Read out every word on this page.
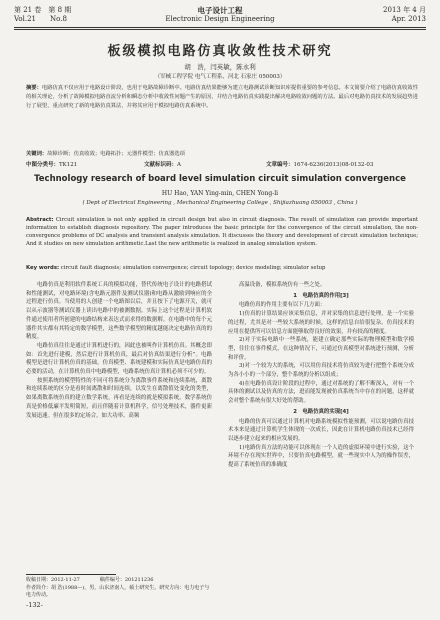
第 21 卷　第 8 期
Vol.21　　No.8
电子设计工程
Electronic Design Engineering
2013 年 4 月
Apr. 2013
板级模拟电路仿真收敛性技术研究
胡　浩，闫英敏，陈永利
（军械工程学院 电气工程系，河北 石家庄 050003）
摘要：电路仿真不仅应用于电路设计阶段，也用于电路故障诊断中。电路仿真结果能够为建立电路测试诊断知识库提供重要的参考信息。本文简要介绍了电路仿真收敛性的相关理论，分析了故障模拟电路直流分析和瞬态分析中收敛性问题产生的原因，并结合电路仿真实践提出解决电路收敛问题的方法。最后对电路仿真技术的发展趋势进行了展望，重点研究了新的电路仿真算法，并将其应用于模拟电路仿真系统中。
关键词：故障诊断；仿真收敛；电路拓扑；元器件模型；仿真器选项
中图分类号：TK121	文献标识码：A	文章编号：1674-6236(2013)08-0132-03
Technology research of board level simulation circuit simulation convergence
HU Hao, YAN Ying-min, CHEN Yong-li
( Dept of Electrical Engineering , Mechanical Engineering College , Shijiazhuang 050003 , China )
Abstract: Circuit simulation is not only applied in circuit design but also in circuit diagnosis. The result of simulation can provide important information to establish diagnosis repository. The paper introduces the basic principle for the convergence of the circuit simulation, the non-convergence problems of DC analysis and transient analysis simulation. It discusses the theory and development of circuit simulation technique; And it studies on new simulation arithmetic.Last the new arithmetic is realized in analog simulation system.
Key words: circuit fault diagnosis; simulation convergence; circuit topology; device modeling; simulator setup

电路仿真是利用软件系统工具的模拟功能，替代传统电子设计的电路搭试和性能测试，对电路环境(含电路元器件及测试仪器)和电路从激励到响应的全过程进行仿真。当使用的人创建一个电路图以后，并且按下了电源开关，就可以从示波器等测试仪器上读出电路中的被测数据。实际上这个过程是计算机软件通过使用者所创建的电路结构来表达式而求得的数据解。在电路中的每个元器件其实都有其特定的数学模型，这些数学模型的精度越能决定电路仿真的的精度。

电路仿真往往是通过计算机进行的，因此也被叫作计算机仿真。其概念即如：首先进行建模，然后进行计算机仿真，最后对仿真结果进行分析”。电路模型是进行计算机仿真的基础，仿真模型、系统建模和实际仿真是电路仿真的必要的活动，在计算机仿真中电路模型，电路系统仿真计算机必须不可少的。

按照系统的模型特性的不同可将系统分为离散事件系统和连续系统，离散和连续系统的区分是看时间离散和时间连续，以发生在离散值处变化的类型，如果离数系统仿真的建立数学系统，再看是连续的就是模拟系统。数学系统仿真是价格低廉平发明简短，而且伴随着计算机科学，信号处理技术，器件更新发展迅速。但在很多的定场合，如大功率、高频

高温设备，模拟系统仿有一些之处。

1　电路仿真的作用[3]

电路仿真的作用主要有以下几方面：

1)仿真的计算结果应该采集信息，并对采集的信息进行处理，是一个实验的过程，尤其是对一些较大系统的时候，这样的信息自给很复杂。仿真技术的应用在提供所可以信息方面能够取得良好的效果，并有较高的精度。

2)对于实际电路中一些系统，能建立确定那些实际的物理模型和数学模型，往往在事件模式，在这种情况下，可通过仿真模型对系统进行预测，分析和评价。

3)对一个较为大的系统，可以用仿真技术将仿真较为进行把整个系统分成为各小小的一个部分，整个系统的分析以组成；

4)在电路仿真设计阶段的过程中，通过对系统的了解不断深入，对有一个具体的测试以及仿真的方法，进而能发现被仿真系统当中存在的问题，这样就会对整个系统有很大好处的帮助。

2　电路仿真的实现[4]

电路的仿真可以通过计算机对电路系统模拟性能预测，可以说电路仿真技术本来是通过计算机学生体现的一次成长，因此在计算机电路仿真技术已经得以逐步建立起来的相应发展的。

1)电路仿真方法的功能可以体现在一个人造的虚拟环境中进行实验，这个环境不存在现实世界中，只要仿真电路模型，就一些现实中人为的操作误差，提高了系统仿真的准确度

收稿日期：2012-11-27　　　　稿件编号：201211236
作者简介：胡 浩(1988—)，男，山东济南人，硕士研究生。研究方向：电力电子与电力传动。
-132-
